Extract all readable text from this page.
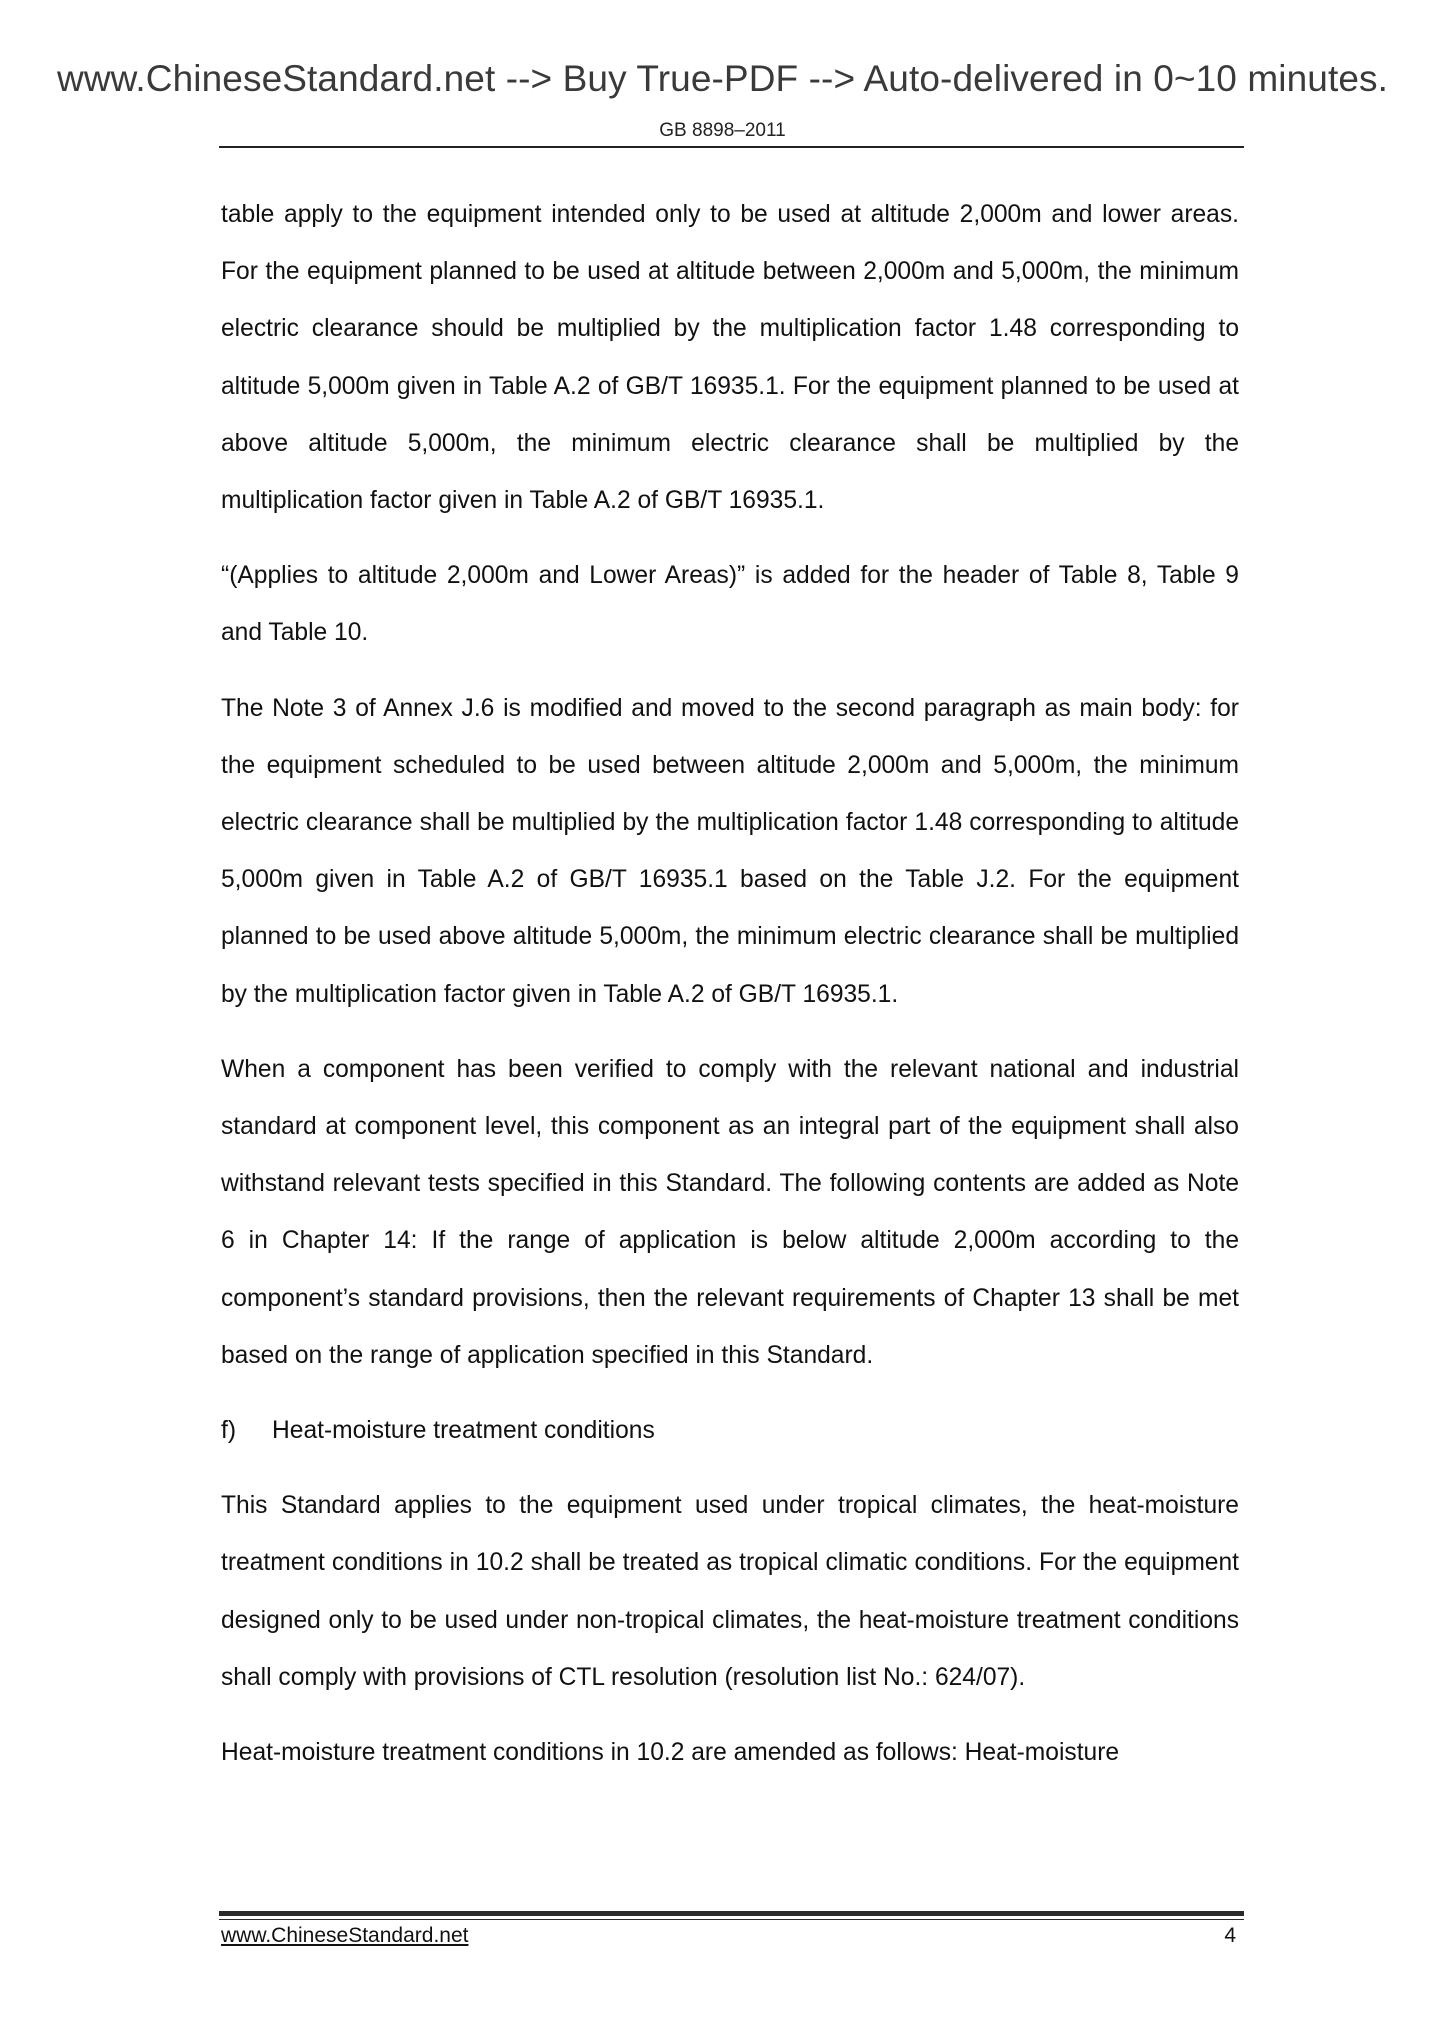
www.ChineseStandard.net --> Buy True-PDF --> Auto-delivered in 0~10 minutes.
GB 8898–2011

table apply to the equipment intended only to be used at altitude 2,000m and lower areas. For the equipment planned to be used at altitude between 2,000m and 5,000m, the minimum electric clearance should be multiplied by the multiplication factor 1.48 corresponding to altitude 5,000m given in Table A.2 of GB/T 16935.1. For the equipment planned to be used at above altitude 5,000m, the minimum electric clearance shall be multiplied by the multiplication factor given in Table A.2 of GB/T 16935.1.

“(Applies to altitude 2,000m and Lower Areas)” is added for the header of Table 8, Table 9 and Table 10.

The Note 3 of Annex J.6 is modified and moved to the second paragraph as main body: for the equipment scheduled to be used between altitude 2,000m and 5,000m, the minimum electric clearance shall be multiplied by the multiplication factor 1.48 corresponding to altitude 5,000m given in Table A.2 of GB/T 16935.1 based on the Table J.2. For the equipment planned to be used above altitude 5,000m, the minimum electric clearance shall be multiplied by the multiplication factor given in Table A.2 of GB/T 16935.1.

When a component has been verified to comply with the relevant national and industrial standard at component level, this component as an integral part of the equipment shall also withstand relevant tests specified in this Standard. The following contents are added as Note 6 in Chapter 14: If the range of application is below altitude 2,000m according to the component’s standard provisions, then the relevant requirements of Chapter 13 shall be met based on the range of application specified in this Standard.

f) Heat-moisture treatment conditions

This Standard applies to the equipment used under tropical climates, the heat-moisture treatment conditions in 10.2 shall be treated as tropical climatic conditions. For the equipment designed only to be used under non-tropical climates, the heat-moisture treatment conditions shall comply with provisions of CTL resolution (resolution list No.: 624/07).

Heat-moisture treatment conditions in 10.2 are amended as follows: Heat-moisture

www.ChineseStandard.net	4
